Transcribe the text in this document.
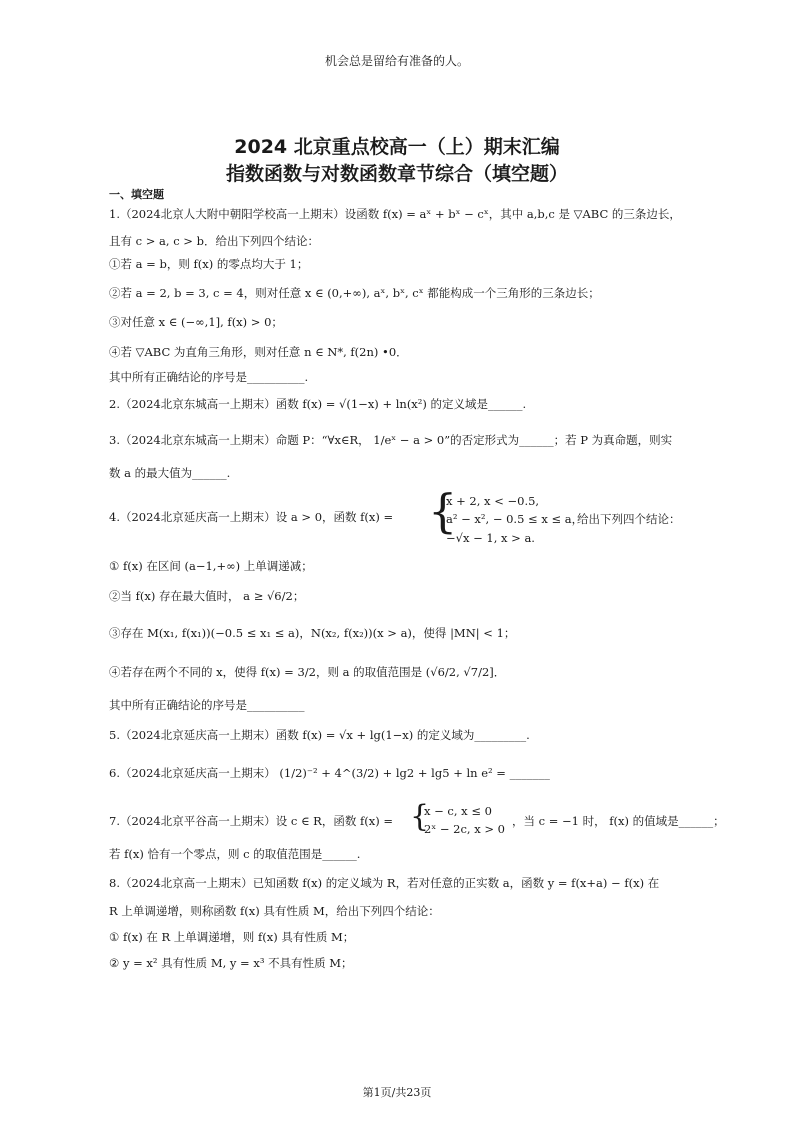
机会总是留给有准备的人。
2024 北京重点校高一（上）期末汇编
指数函数与对数函数章节综合（填空题）
一、填空题
1.（2024北京人大附中朝阳学校高一上期末）设函数 f(x) = aˣ + bˣ − cˣ，其中 a,b,c 是 ▽ABC 的三条边长，
且有 c > a, c > b．给出下列四个结论：
①若 a = b，则 f(x) 的零点均大于 1；
②若 a = 2, b = 3, c = 4，则对任意 x ∈ (0,+∞), aˣ, bˣ, cˣ 都能构成一个三角形的三条边长；
③对任意 x ∈ (−∞,1], f(x) > 0；
④若 ▽ABC 为直角三角形，则对任意 n ∈ N*, f(2n) •0．
其中所有正确结论的序号是__________.
2.（2024北京东城高一上期末）函数 f(x) = √(1−x) + ln(x²) 的定义域是______.
3.（2024北京东城高一上期末）命题 P：“∀x∈R， 1/eˣ − a > 0”的否定形式为______；若 P 为真命题，则实
数 a 的最大值为______.
4.（2024北京延庆高一上期末）设 a > 0，函数 f(x) = {
x + 2, x < −0.5,
a² − x², − 0.5 ≤ x ≤ a，
−√x − 1, x > a.
给出下列四个结论：
① f(x) 在区间 (a−1,+∞) 上单调递减；
②当 f(x) 存在最大值时， a ≥ √6/2；
③存在 M(x₁, f(x₁))(−0.5 ≤ x₁ ≤ a)，N(x₂, f(x₂))(x > a)，使得 |MN| < 1；
④若存在两个不同的 x，使得 f(x) = 3/2，则 a 的取值范围是 (√6/2, √7/2]．
其中所有正确结论的序号是__________
5.（2024北京延庆高一上期末）函数 f(x) = √x + lg(1−x) 的定义域为_________.
6.（2024北京延庆高一上期末） (1/2)⁻² + 4^(3/2) + lg2 + lg5 + ln e² = _______
7.（2024北京平谷高一上期末）设 c ∈ R，函数 f(x) = {
x − c, x ≤ 0
2ˣ − 2c, x > 0
，当 c = −1 时， f(x) 的值域是______；
若 f(x) 恰有一个零点，则 c 的取值范围是______.
8.（2024北京高一上期末）已知函数 f(x) 的定义域为 R，若对任意的正实数 a，函数 y = f(x+a) − f(x) 在
R 上单调递增，则称函数 f(x) 具有性质 M，给出下列四个结论：
① f(x) 在 R 上单调递增，则 f(x) 具有性质 M；
② y = x² 具有性质 M, y = x³ 不具有性质 M；
第1页/共23页
